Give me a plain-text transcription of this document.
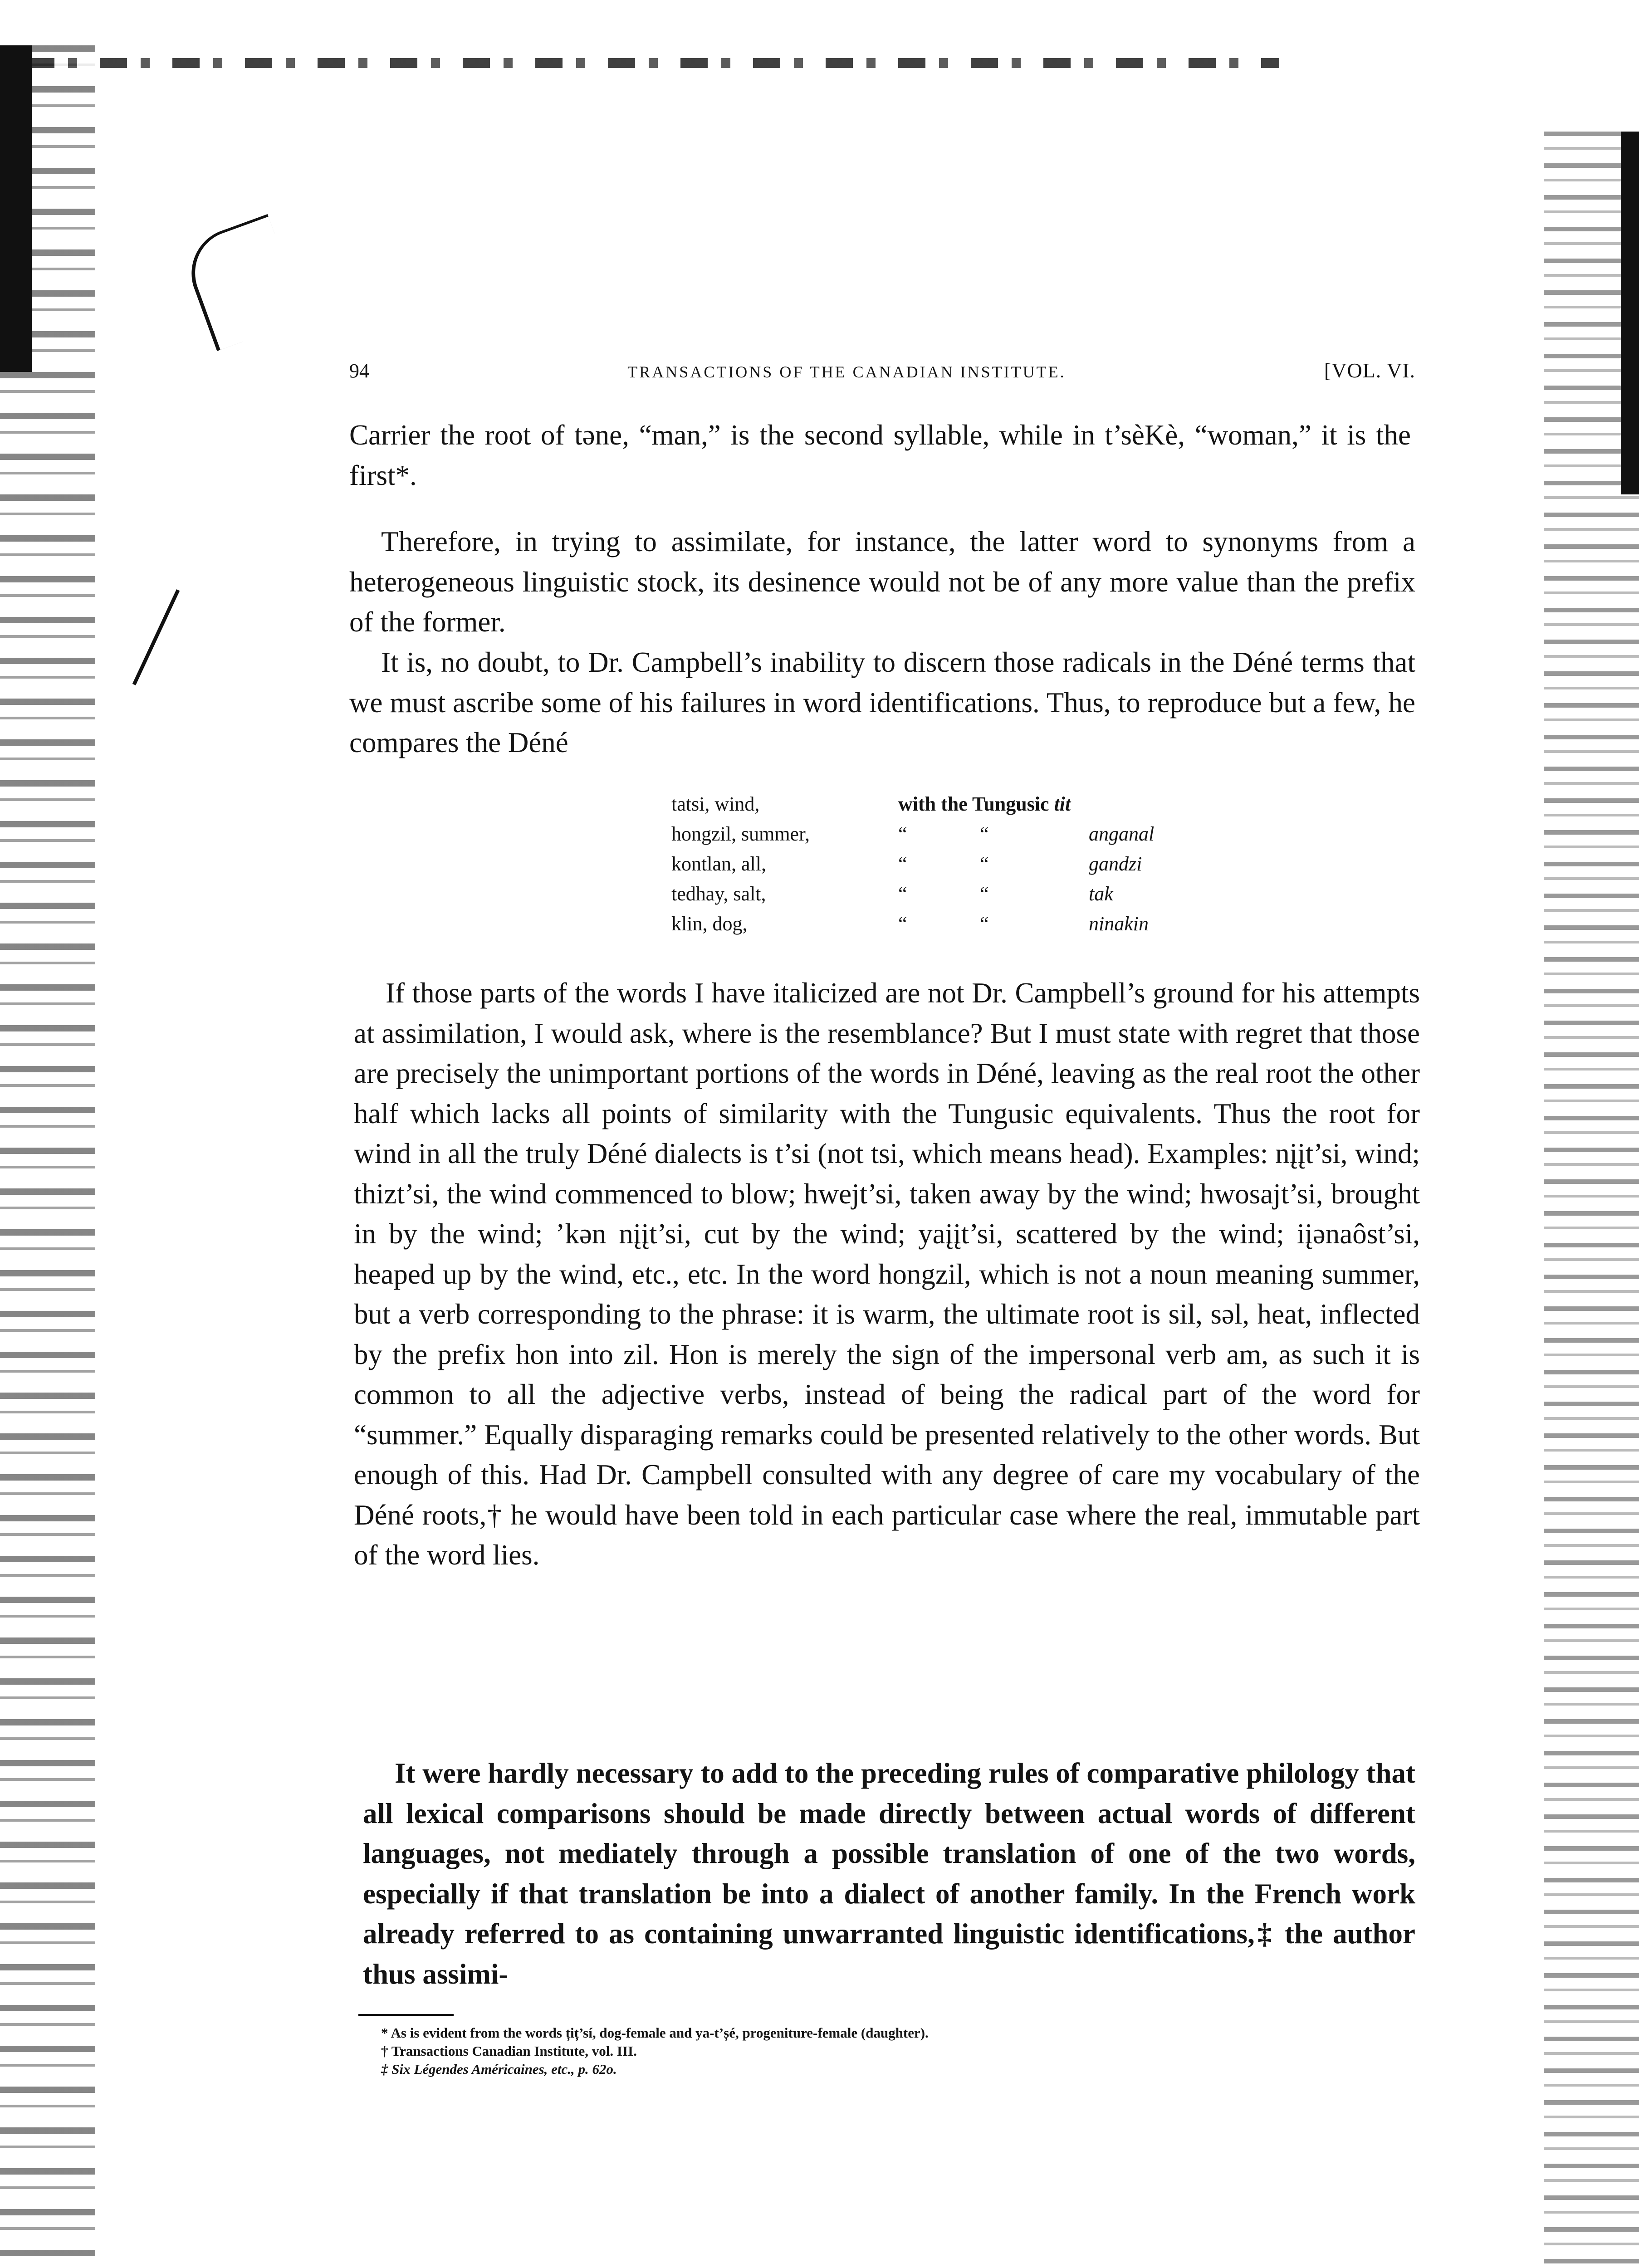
94	TRANSACTIONS OF THE CANADIAN INSTITUTE.	[VOL. VI.

Carrier the root of tәne, “man,” is the second syllable, while in t’sèKè, “woman,” it is the first*.

Therefore, in trying to assimilate, for instance, the latter word to synonyms from a heterogeneous linguistic stock, its desinence would not be of any more value than the prefix of the former.

It is, no doubt, to Dr. Campbell’s inability to discern those radicals in the Déné terms that we must ascribe some of his failures in word identifications. Thus, to reproduce but a few, he compares the Déné

tatsi, wind,	with the Tungusic tit
hongzil, summer,	“	“	anganal
kontlan, all,	“	“	gandzi
tedhay, salt,	“	“	tak
klin, dog,	“	“	ninakin

If those parts of the words I have italicized are not Dr. Campbell’s ground for his attempts at assimilation, I would ask, where is the resemblance? But I must state with regret that those are precisely the unimportant portions of the words in Déné, leaving as the real root the other half which lacks all points of similarity with the Tungusic equivalents. Thus the root for wind in all the truly Déné dialects is t’si (not tsi, which means head). Examples: nįįt’si, wind; thizt’si, the wind commenced to blow; hwejt’si, taken away by the wind; hwosajt’si, brought in by the wind; ’kәn nįįt’si, cut by the wind; yaįįt’si, scattered by the wind; iįәnaôst’si, heaped up by the wind, etc., etc. In the word hongzil, which is not a noun meaning summer, but a verb corresponding to the phrase: it is warm, the ultimate root is sil, sәl, heat, inflected by the prefix hon into zil. Hon is merely the sign of the impersonal verb am, as such it is common to all the adjective verbs, instead of being the radical part of the word for “summer.” Equally disparaging remarks could be presented relatively to the other words. But enough of this. Had Dr. Campbell consulted with any degree of care my vocabulary of the Déné roots,† he would have been told in each particular case where the real, immutable part of the word lies.

It were hardly necessary to add to the preceding rules of comparative philology that all lexical comparisons should be made directly between actual words of different languages, not mediately through a possible translation of one of the two words, especially if that translation be into a dialect of another family. In the French work already referred to as containing unwarranted linguistic identifications,‡ the author thus assimi-

* As is evident from the words țiț’sí, dog-female and ya-t’șé, progeniture-female (daughter).
† Transactions Canadian Institute, vol. III.
‡ Six Légendes Américaines, etc., p. 62o.
